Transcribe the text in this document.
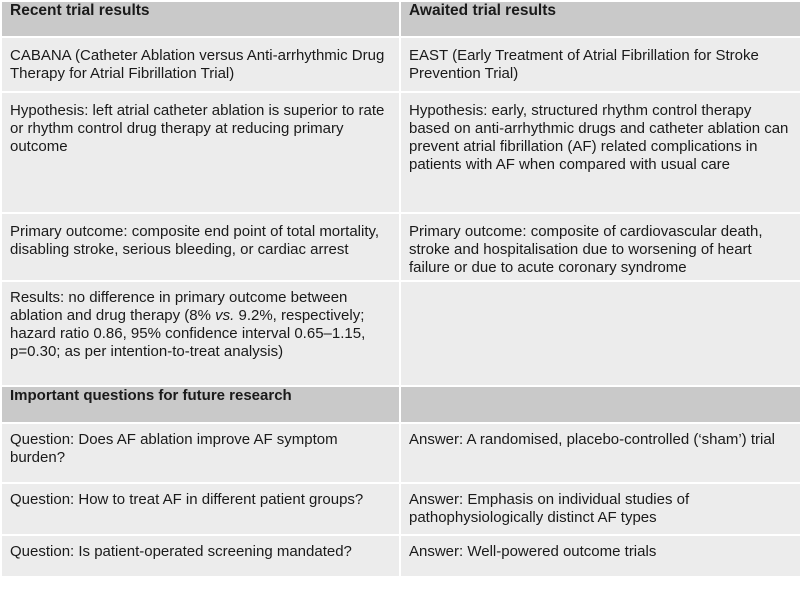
Recent trial results	Awaited trial results
CABANA (Catheter Ablation versus Anti-arrhythmic Drug Therapy for Atrial Fibrillation Trial)	EAST (Early Treatment of Atrial Fibrillation for Stroke Prevention Trial)
Hypothesis: left atrial catheter ablation is superior to rate or rhythm control drug therapy at reducing primary outcome	Hypothesis: early, structured rhythm control therapy based on anti-arrhythmic drugs and catheter ablation can prevent atrial fibrillation (AF) related complications in patients with AF when compared with usual care
Primary outcome: composite end point of total mortality, disabling stroke, serious bleeding, or cardiac arrest	Primary outcome: composite of cardiovascular death, stroke and hospitalisation due to worsening of heart failure or due to acute coronary syndrome
Results: no difference in primary outcome between ablation and drug therapy (8% vs. 9.2%, respectively; hazard ratio 0.86, 95% confidence interval 0.65–1.15, p=0.30; as per intention-to-treat analysis)	
Important questions for future research	
Question: Does AF ablation improve AF symptom burden?	Answer: A randomised, placebo-controlled (‘sham’) trial
Question: How to treat AF in different patient groups?	Answer: Emphasis on individual studies of pathophysiologically distinct AF types
Question: Is patient-operated screening mandated?	Answer: Well-powered outcome trials
